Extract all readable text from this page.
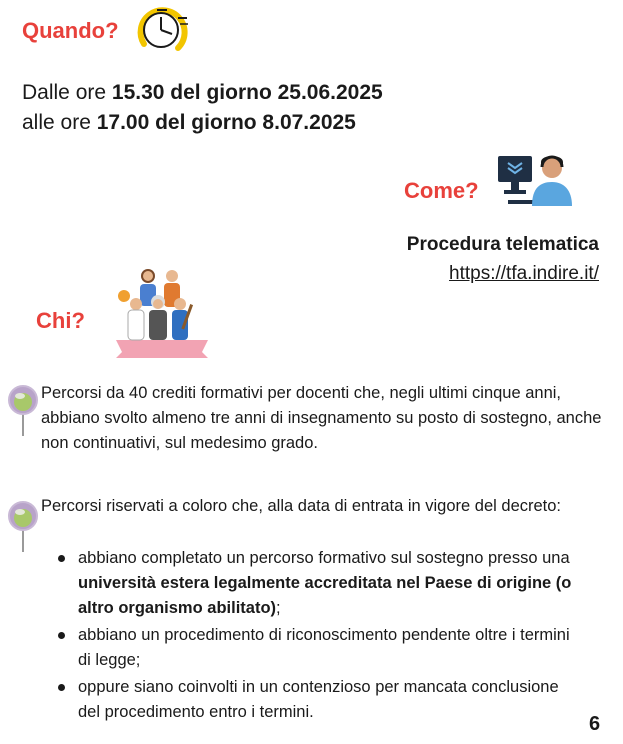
Quando?
Dalle ore 15.30 del giorno 25.06.2025
alle ore 17.00 del giorno 8.07.2025
Come?
Procedura telematica
https://tfa.indire.it/
Chi?
Percorsi da 40 crediti formativi per docenti che, negli ultimi cinque anni, abbiano svolto almeno tre anni di insegnamento su posto di sostegno, anche non continuativi, sul medesimo grado.
Percorsi riservati a coloro che, alla data di entrata in vigore del decreto:
abbiano completato un percorso formativo sul sostegno presso una università estera legalmente accreditata nel Paese di origine (o altro organismo abilitato);
abbiano un procedimento di riconoscimento pendente oltre i termini di legge;
oppure siano coinvolti in un contenzioso per mancata conclusione del procedimento entro i termini.
6
